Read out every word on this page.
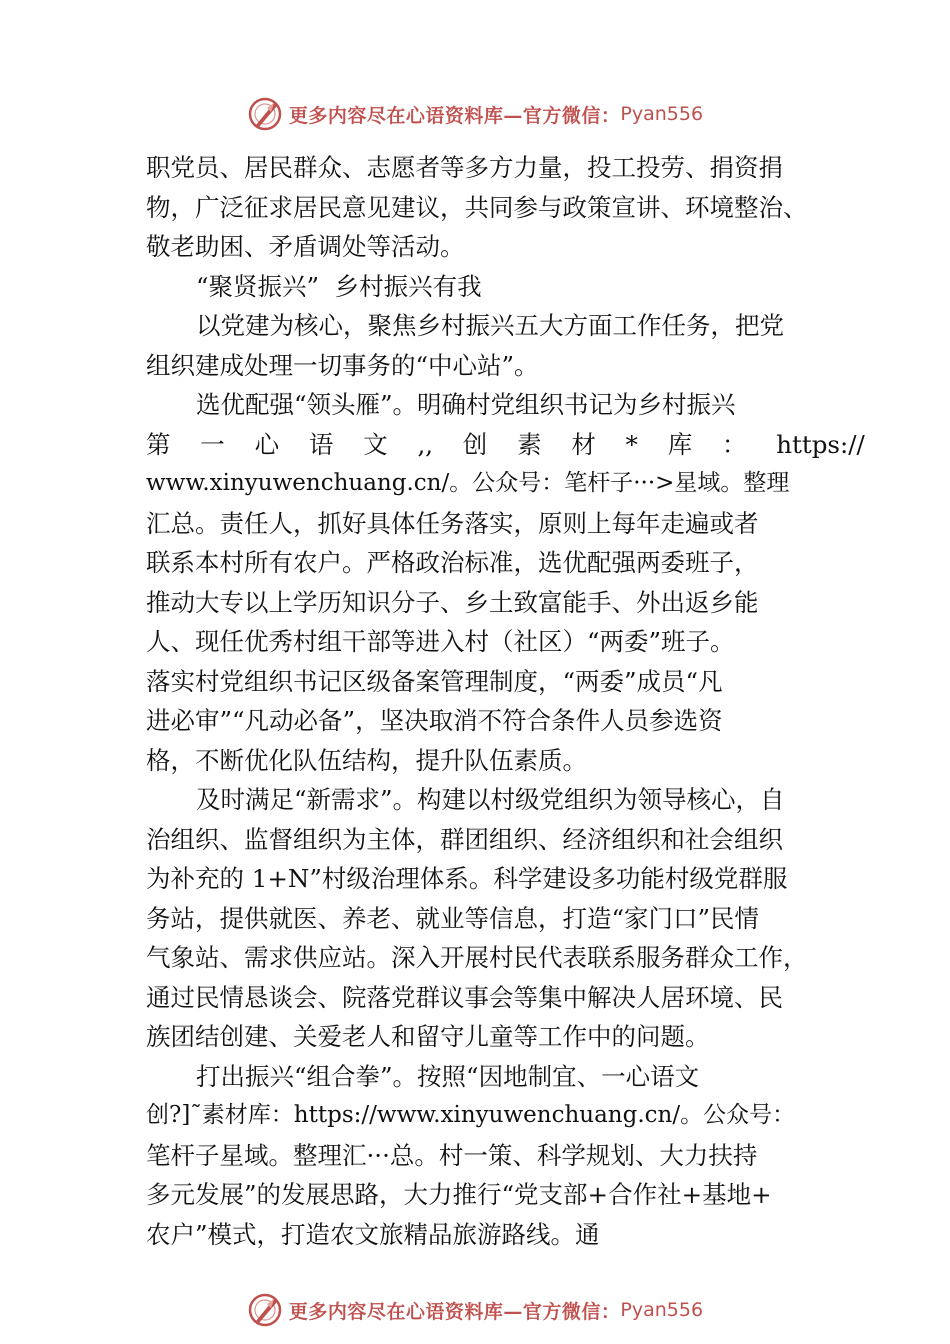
更多内容尽在心语资料库—官方微信： Pyan556
职党员、居民群众、志愿者等多方力量，投工投劳、捐资捐
物，广泛征求居民意见建议，共同参与政策宣讲、环境整治、
敬老助困、矛盾调处等活动。
“聚贤振兴”  乡村振兴有我
以党建为核心，聚焦乡村振兴五大方面工作任务，把党
组织建成处理一切事务的“中心站”。
选优配强“领头雁”。明确村党组织书记为乡村振兴
第 一 心 语 文 ,, 创 素 材 * 库 ： https://
www.xinyuwenchuang.cn/。公众号：笔杆子···>星域。整理
汇总。责任人，抓好具体任务落实，原则上每年走遍或者
联系本村所有农户。严格政治标准，选优配强两委班子，
推动大专以上学历知识分子、乡土致富能手、外出返乡能
人、现任优秀村组干部等进入村（社区）“两委”班子。
落实村党组织书记区级备案管理制度，“两委”成员“凡
进必审”“凡动必备”，坚决取消不符合条件人员参选资
格，不断优化队伍结构，提升队伍素质。
及时满足“新需求”。构建以村级党组织为领导核心，自
治组织、监督组织为主体，群团组织、经济组织和社会组织
为补充的 1+N”村级治理体系。科学建设多功能村级党群服
务站，提供就医、养老、就业等信息，打造“家门口”民情
气象站、需求供应站。深入开展村民代表联系服务群众工作，
通过民情恳谈会、院落党群议事会等集中解决人居环境、民
族团结创建、关爱老人和留守儿童等工作中的问题。
打出振兴“组合拳”。按照“因地制宜、一心语文
创?]˜素材库：https://www.xinyuwenchuang.cn/。公众号：
笔杆子星域。整理汇···总。村一策、科学规划、大力扶持
多元发展”的发展思路，大力推行“党支部+合作社+基地+
农户”模式，打造农文旅精品旅游路线。通
更多内容尽在心语资料库—官方微信： Pyan556
